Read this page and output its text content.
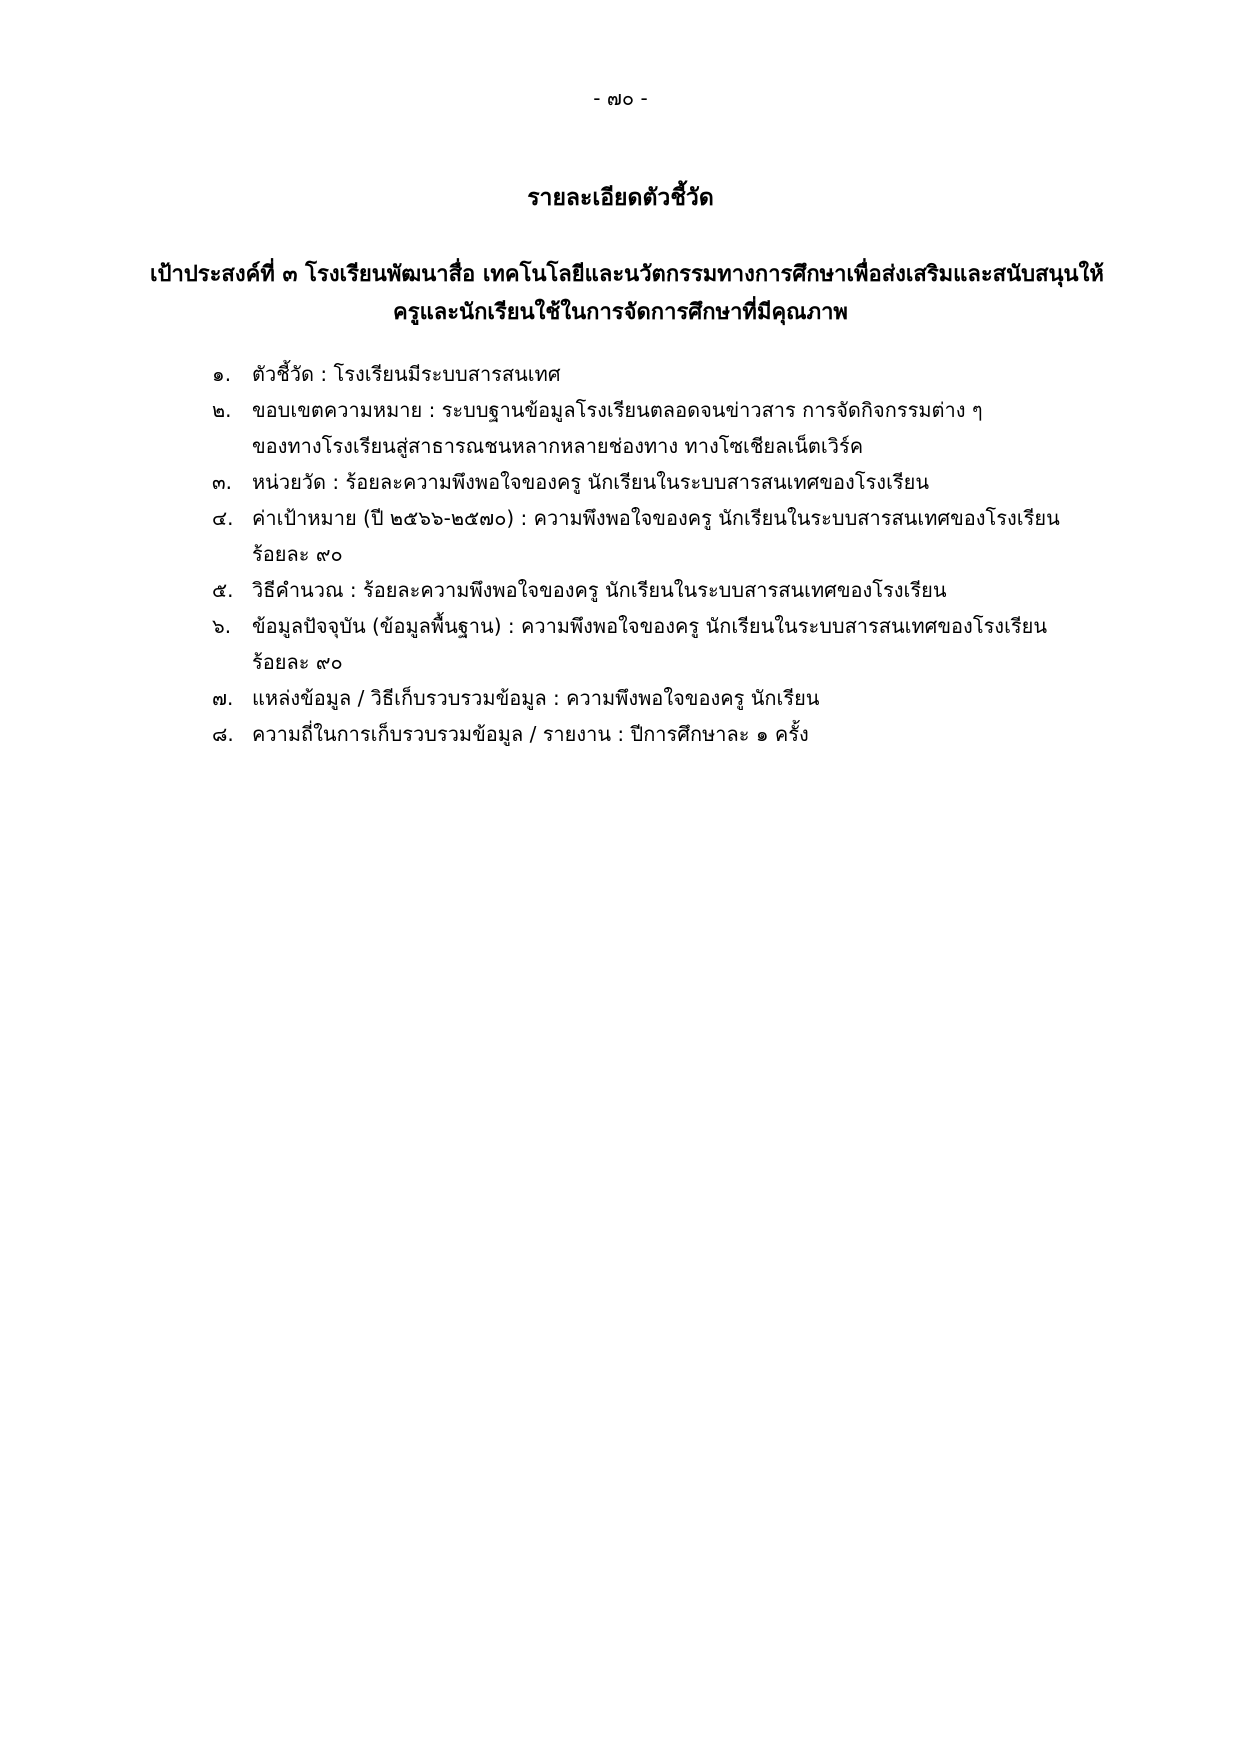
- ๗๐ -
รายละเอียดตัวชี้วัด
เป้าประสงค์ที่ ๓ โรงเรียนพัฒนาสื่อ เทคโนโลยีและนวัตกรรมทางการศึกษาเพื่อส่งเสริมและสนับสนุนให้
ครูและนักเรียนใช้ในการจัดการศึกษาที่มีคุณภาพ
๑. ตัวชี้วัด : โรงเรียนมีระบบสารสนเทศ
๒. ขอบเขตความหมาย : ระบบฐานข้อมูลโรงเรียนตลอดจนข่าวสาร การจัดกิจกรรมต่าง ๆ
ของทางโรงเรียนสู่สาธารณชนหลากหลายช่องทาง ทางโซเชียลเน็ตเวิร์ค
๓. หน่วยวัด : ร้อยละความพึงพอใจของครู นักเรียนในระบบสารสนเทศของโรงเรียน
๔. ค่าเป้าหมาย (ปี ๒๕๖๖-๒๕๗๐) : ความพึงพอใจของครู นักเรียนในระบบสารสนเทศของโรงเรียน
ร้อยละ ๙๐
๕. วิธีคำนวณ : ร้อยละความพึงพอใจของครู นักเรียนในระบบสารสนเทศของโรงเรียน
๖. ข้อมูลปัจจุบัน (ข้อมูลพื้นฐาน) : ความพึงพอใจของครู นักเรียนในระบบสารสนเทศของโรงเรียน
ร้อยละ ๙๐
๗. แหล่งข้อมูล / วิธีเก็บรวบรวมข้อมูล : ความพึงพอใจของครู นักเรียน
๘. ความถี่ในการเก็บรวบรวมข้อมูล / รายงาน : ปีการศึกษาละ ๑ ครั้ง
